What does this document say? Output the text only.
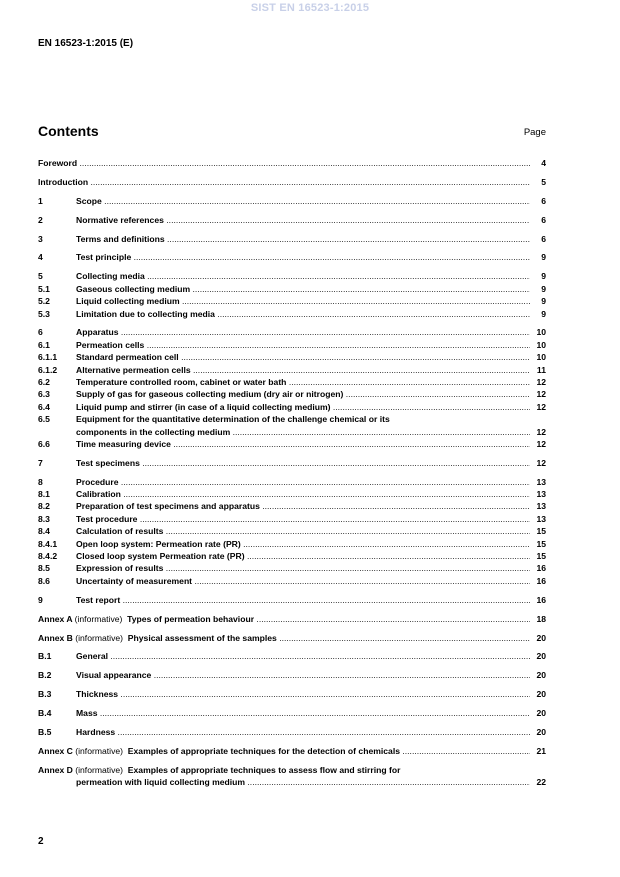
SIST EN 16523-1:2015
EN 16523-1:2015 (E)
Contents	Page
Foreword .....	4
Introduction .....	5
1	Scope .....	6
2	Normative references .....	6
3	Terms and definitions .....	6
4	Test principle .....	9
5	Collecting media .....	9
5.1	Gaseous collecting medium .....	9
5.2	Liquid collecting medium .....	9
5.3	Limitation due to collecting media .....	9
6	Apparatus .....	10
6.1	Permeation cells .....	10
6.1.1	Standard permeation cell .....	10
6.1.2	Alternative permeation cells .....	11
6.2	Temperature controlled room, cabinet or water bath .....	12
6.3	Supply of gas for gaseous collecting medium (dry air or nitrogen) .....	12
6.4	Liquid pump and stirrer (in case of a liquid collecting medium) .....	12
6.5	Equipment for the quantitative determination of the challenge chemical or its
components in the collecting medium .....	12
6.6	Time measuring device .....	12
7	Test specimens .....	12
8	Procedure .....	13
8.1	Calibration .....	13
8.2	Preparation of test specimens and apparatus .....	13
8.3	Test procedure .....	13
8.4	Calculation of results .....	15
8.4.1	Open loop system: Permeation rate (PR) .....	15
8.4.2	Closed loop system Permeation rate (PR) .....	15
8.5	Expression of results .....	16
8.6	Uncertainty of measurement .....	16
9	Test report .....	16
Annex A (informative) Types of permeation behaviour .....	18
Annex B (informative) Physical assessment of the samples .....	20
B.1	General .....	20
B.2	Visual appearance .....	20
B.3	Thickness .....	20
B.4	Mass .....	20
B.5	Hardness .....	20
Annex C (informative) Examples of appropriate techniques for the detection of chemicals .....	21
Annex D (informative) Examples of appropriate techniques to assess flow and stirring for
permeation with liquid collecting medium .....	22
2
